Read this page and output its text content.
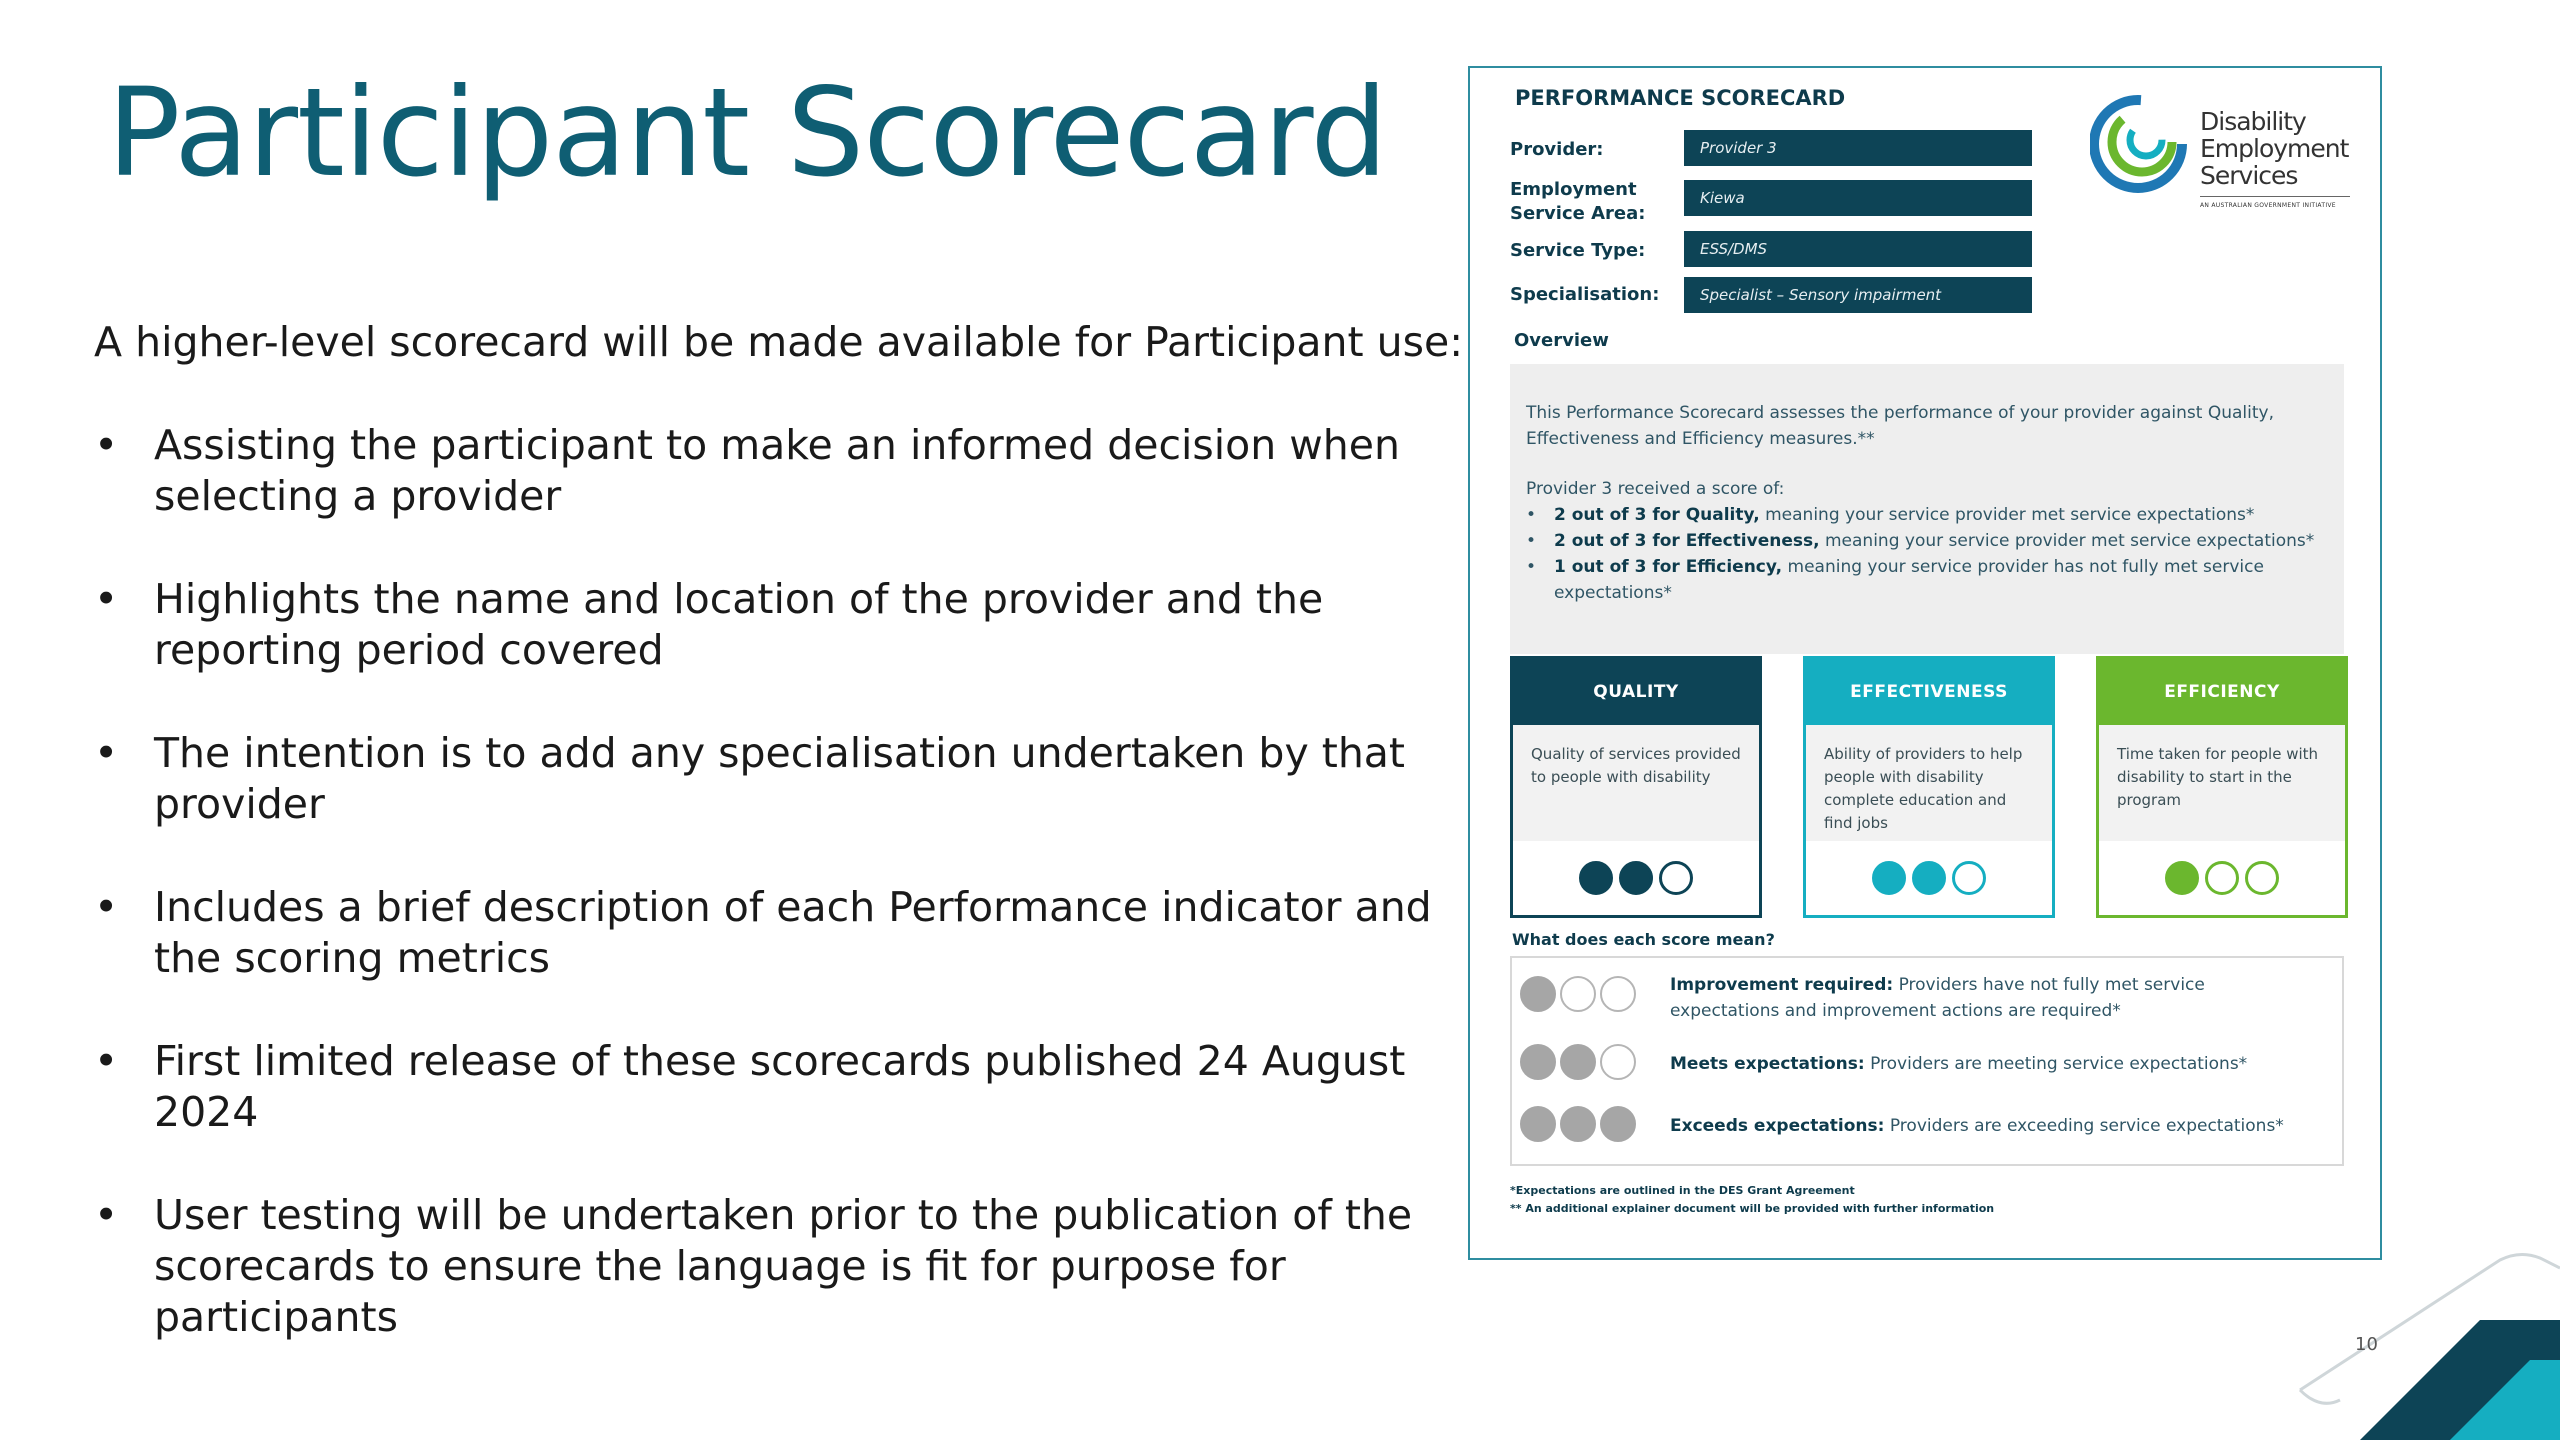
Participant Scorecard
A higher-level scorecard will be made available for Participant use:
• Assisting the participant to make an informed decision when selecting a provider
• Highlights the name and location of the provider and the reporting period covered
• The intention is to add any specialisation undertaken by that provider
• Includes a brief description of each Performance indicator and the scoring metrics
• First limited release of these scorecards published 24 August 2024
• User testing will be undertaken prior to the publication of the scorecards to ensure the language is fit for purpose for participants
PERFORMANCE SCORECARD
Provider:	Provider 3
Employment Service Area:
Kiewa
Service Type:	ESS/DMS
Specialisation:	Specialist – Sensory impairment
Disability
Employment
Services
AN AUSTRALIAN GOVERNMENT INITIATIVE
Overview

This Performance Scorecard assesses the performance of your provider against Quality, Effectiveness and Efficiency measures.**

Provider 3 received a score of:

• 2 out of 3 for Quality, meaning your service provider met service expectations*
• 2 out of 3 for Effectiveness, meaning your service provider met service expectations*
• 1 out of 3 for Efficiency, meaning your service provider has not fully met service expectations*
QUALITY
Quality of services provided to people with disability
EFFECTIVENESS
Ability of providers to help people with disability complete education and find jobs
EFFICIENCY
Time taken for people with disability to start in the program
What does each score mean?
Improvement required: Providers have not fully met service expectations and improvement actions are required*
Meets expectations: Providers are meeting service expectations*
Exceeds expectations: Providers are exceeding service expectations*
*Expectations are outlined in the DES Grant Agreement
** An additional explainer document will be provided with further information
10
